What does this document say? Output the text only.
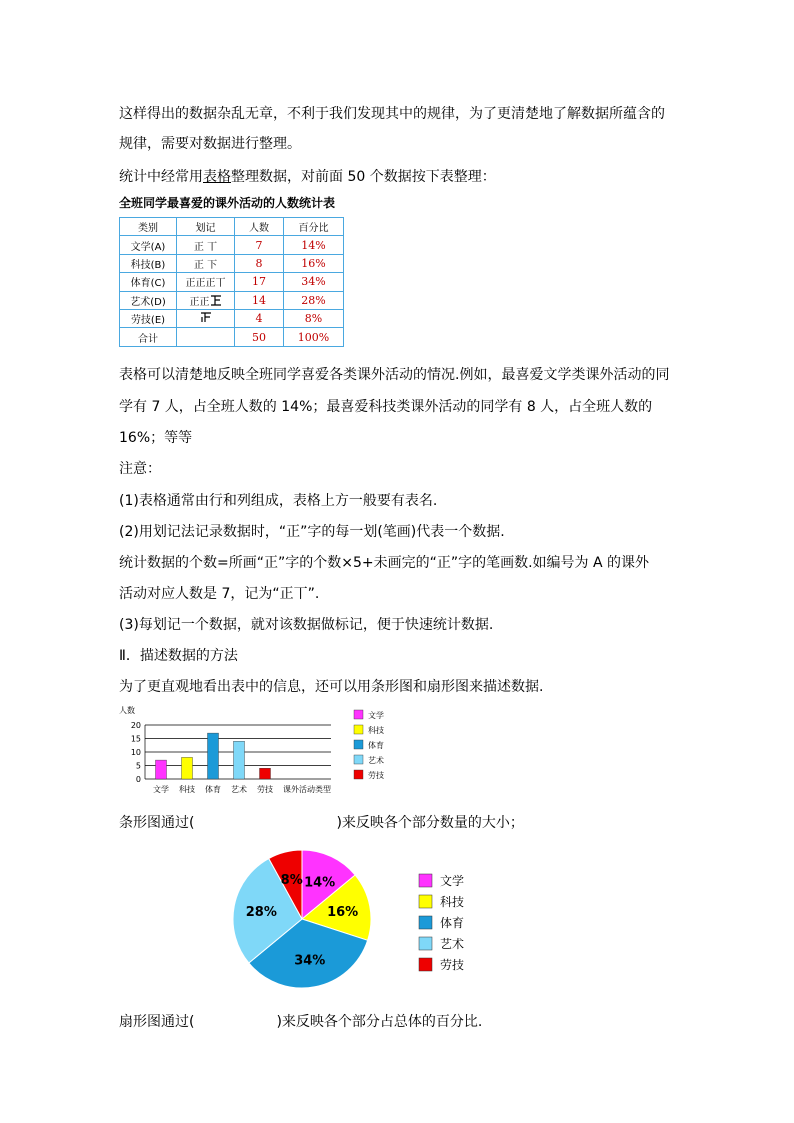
这样得出的数据杂乱无章，不利于我们发现其中的规律，为了更清楚地了解数据所蕴含的
规律，需要对数据进行整理。
统计中经常用表格整理数据，对前面 50 个数据按下表整理：
全班同学最喜爱的课外活动的人数统计表
类别	划记	人数	百分比
文学(A)	正 丅	7	14%
科技(B)	正 下	8	16%
体育(C)	正正正丅	17	34%
艺术(D)	正正	14	28%
劳技(E)		4	8%
合计		50	100%
表格可以清楚地反映全班同学喜爱各类课外活动的情况.例如，最喜爱文学类课外活动的同
学有 7 人，占全班人数的 14%；最喜爱科技类课外活动的同学有 8 人，占全班人数的
16%；等等
注意：
(1)表格通常由行和列组成，表格上方一般要有表名.
(2)用划记法记录数据时，“正”字的每一划(笔画)代表一个数据.
统计数据的个数=所画“正”字的个数×5+未画完的“正”字的笔画数.如编号为 A 的课外
活动对应人数是 7，记为“正丅”.
(3)每划记一个数据，就对该数据做标记，便于快速统计数据.
Ⅱ．描述数据的方法
为了更直观地看出表中的信息，还可以用条形图和扇形图来描述数据.
人数
0
5
10
15
20
文学 科技 体育 艺术 劳技 课外活动类型
文学
科技
体育
艺术
劳技
条形图通过(	)来反映各个部分数量的大小；
14%
16%
34%
28%
8%	文学
科技
体育
艺术
劳技
扇形图通过(	)来反映各个部分占总体的百分比.
